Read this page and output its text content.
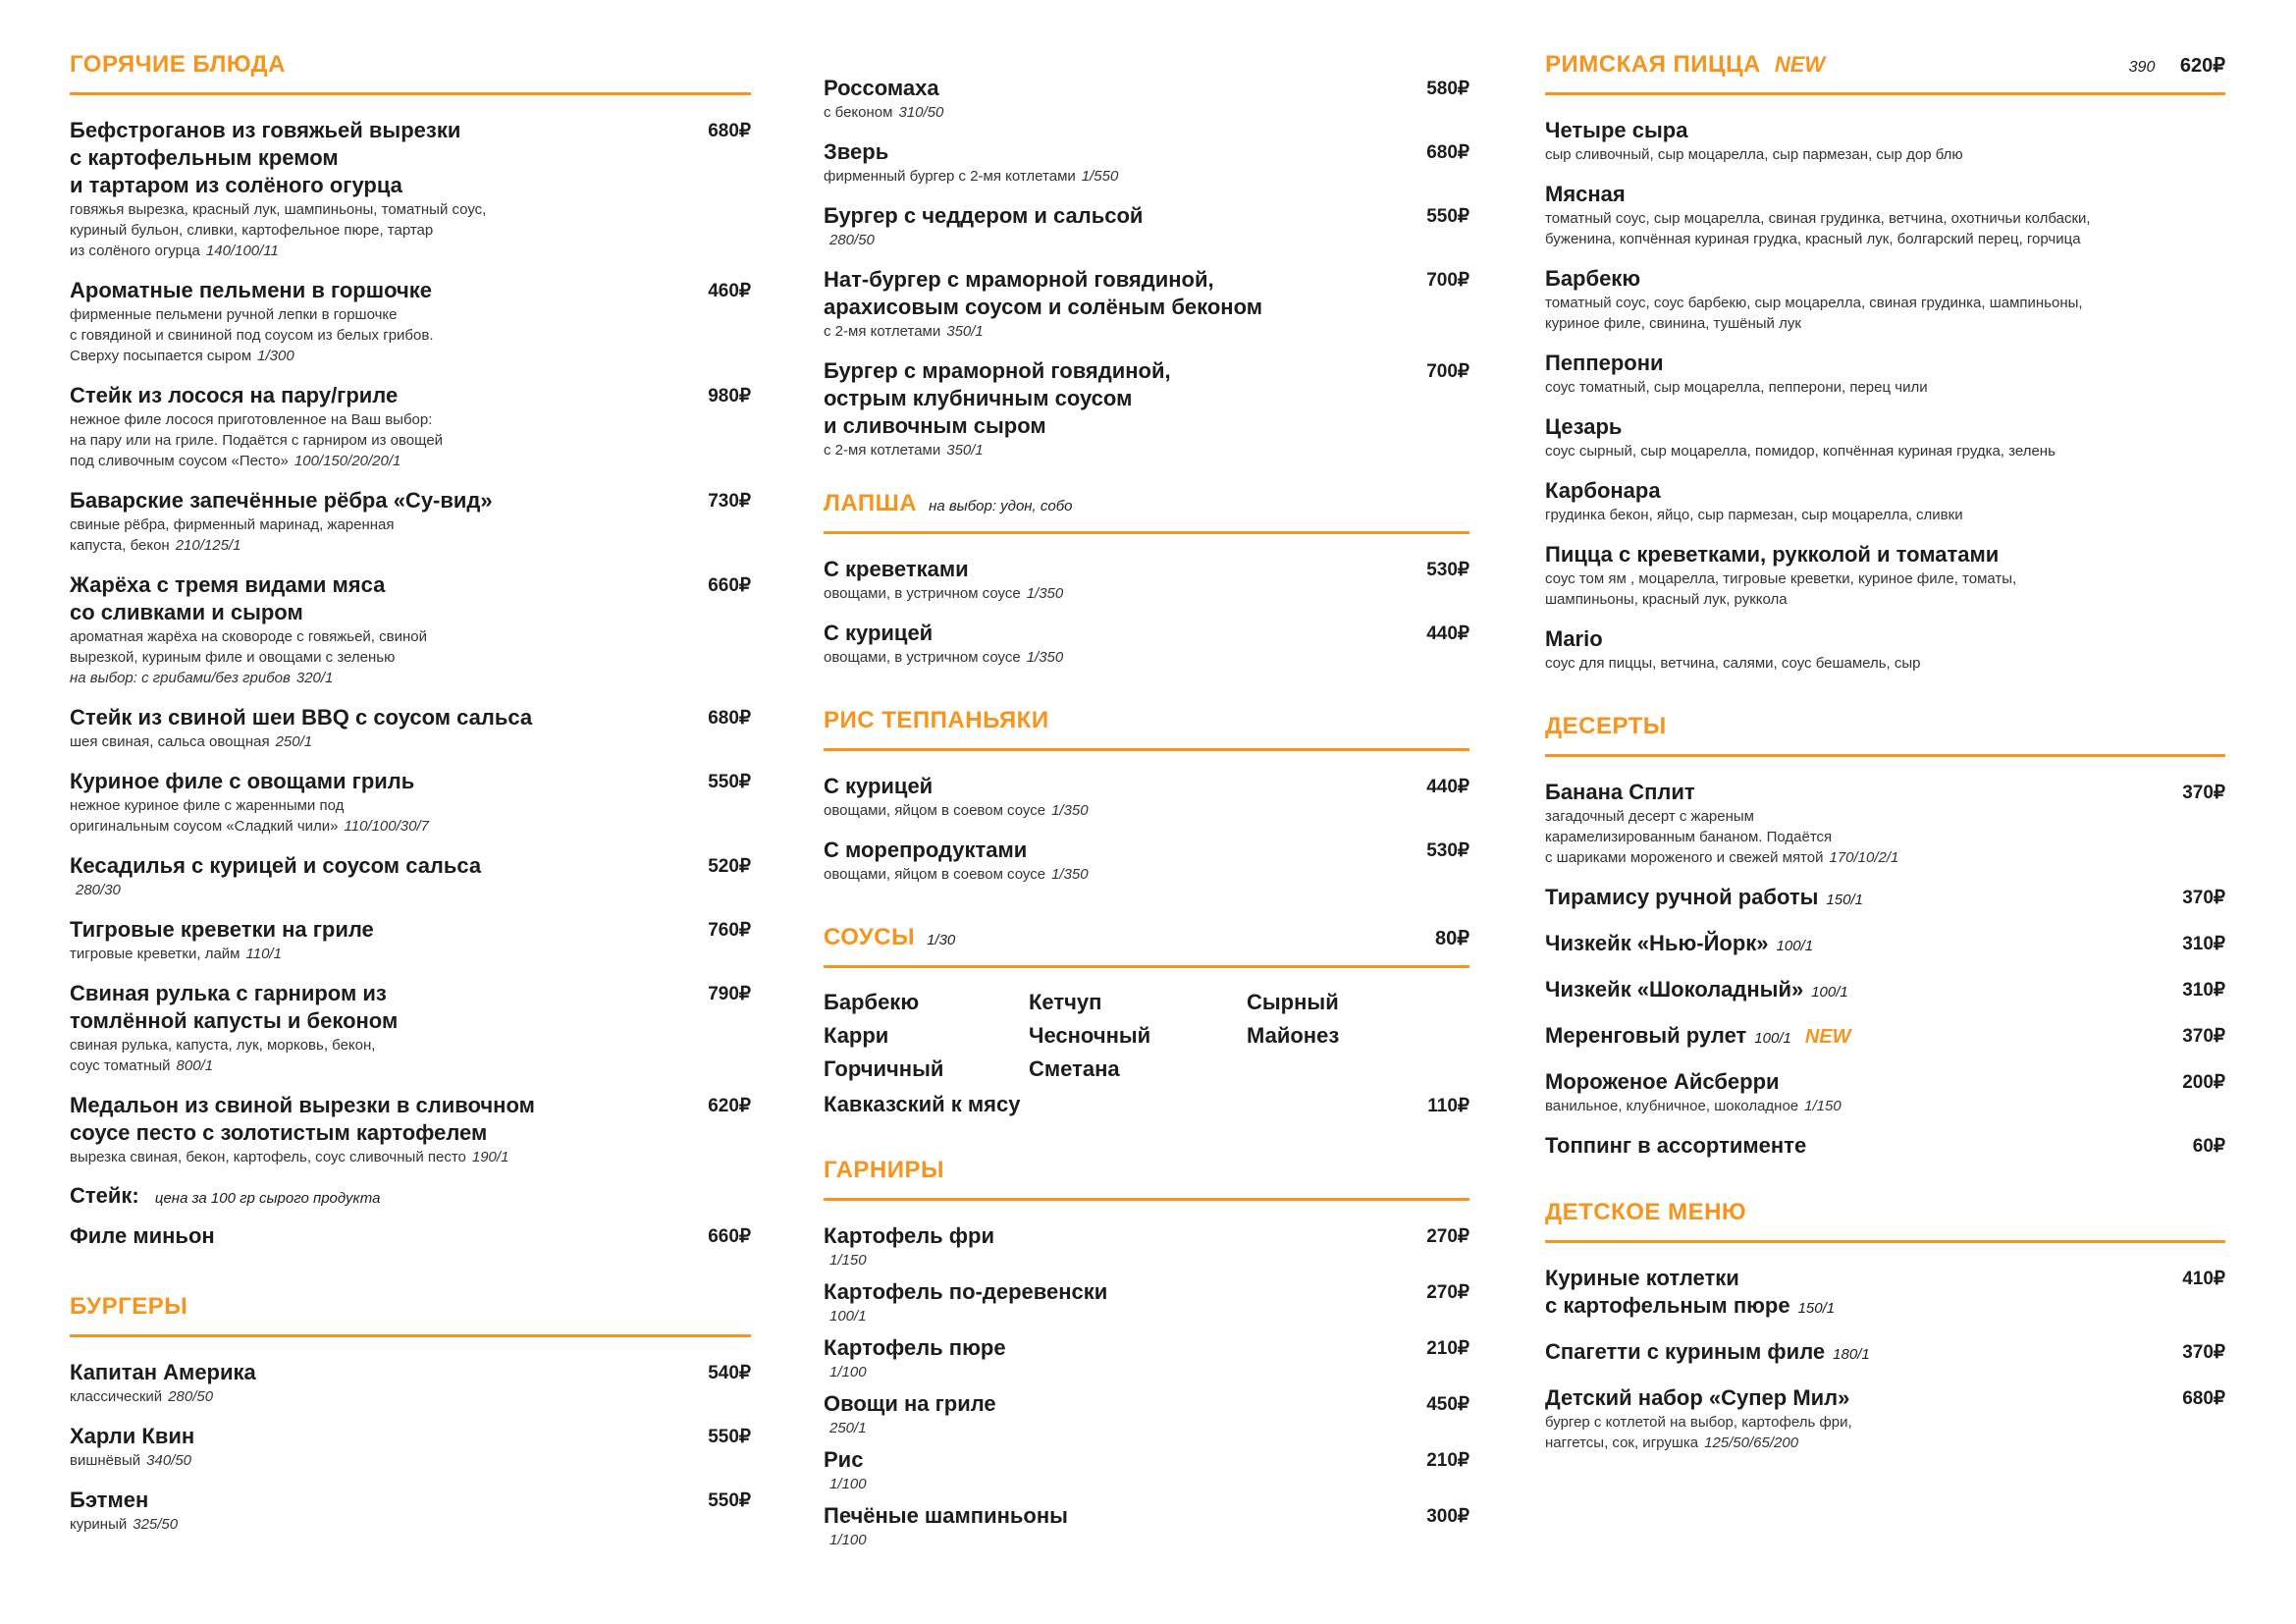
ГОРЯЧИЕ БЛЮДА
Бефстроганов из говяжьей вырезки
с картофельным кремом
и тартаром из солёного огурца
говяжья вырезка, красный лук, шампиньоны, томатный соус,
куриный бульон, сливки, картофельное пюре, тартар
из солёного огурца 140/100/11
680₽
Ароматные пельмени в горшочке
фирменные пельмени ручной лепки в горшочке
с говядиной и свининой под соусом из белых грибов.
Сверху посыпается сыром 1/300
460₽
Стейк из лосося на пару/гриле
нежное филе лосося приготовленное на Ваш выбор:
на пару или на гриле. Подаётся с гарниром из овощей
под сливочным соусом «Песто» 100/150/20/20/1
980₽
Баварские запечённые рёбра «Су-вид»
свиные рёбра, фирменный маринад, жаренная
капуста, бекон 210/125/1
730₽
Жарёха с тремя видами мяса
со сливками и сыром
ароматная жарёха на сковороде с говяжьей, свиной
вырезкой, куриным филе и овощами с зеленью
на выбор: с грибами/без грибов 320/1
660₽
Стейк из свиной шеи BBQ с соусом сальса
шея свиная, сальса овощная 250/1
680₽
Куриное филе с овощами гриль
нежное куриное филе с жаренными под
оригинальным соусом «Сладкий чили» 110/100/30/7
550₽
Кесадилья с курицей и соусом сальса
280/30
520₽
Тигровые креветки на гриле
тигровые креветки, лайм 110/1
760₽
Свиная рулька с гарниром из
томлённой капусты и беконом
свиная рулька, капуста, лук, морковь, бекон,
соус томатный 800/1
790₽
Медальон из свиной вырезки в сливочном
соусе песто с золотистым картофелем
вырезка свиная, бекон, картофель, соус сливочный песто 190/1
620₽
Стейк: цена за 100 гр сырого продукта
Филе миньон	660₽
БУРГЕРЫ
Капитан Америка
классический 280/50
540₽
Харли Квин
вишнёвый 340/50
550₽
Бэтмен
куриный 325/50
550₽
Россомаха
с беконом 310/50
580₽
Зверь
фирменный бургер с 2-мя котлетами 1/550
680₽
Бургер с чеддером и сальсой
280/50
550₽
Нат-бургер с мраморной говядиной,
арахисовым соусом и солёным беконом
с 2-мя котлетами 350/1
700₽
Бургер с мраморной говядиной,
острым клубничным соусом
и сливочным сыром
с 2-мя котлетами 350/1
700₽
ЛАПША на выбор: удон, собо
С креветками
овощами, в устричном соусе 1/350
530₽
С курицей
овощами, в устричном соусе 1/350
440₽
РИС ТЕППАНЬЯКИ
С курицей
овощами, яйцом в соевом соусе 1/350
440₽
С морепродуктами
овощами, яйцом в соевом соусе 1/350
530₽
СОУСЫ 1/30	80₽
Барбекю	Кетчуп	Сырный
Карри	Чесночный	Майонез
Горчичный	Сметана
Кавказский к мясу	110₽
ГАРНИРЫ
Картофель фри
1/150
270₽
Картофель по-деревенски
100/1
270₽
Картофель пюре
1/100
210₽
Овощи на гриле
250/1
450₽
Рис
1/100
210₽
Печёные шампиньоны
1/100
300₽
РИМСКАЯ ПИЦЦА NEW	390 620₽
Четыре сыра
сыр сливочный, сыр моцарелла, сыр пармезан, сыр дор блю
Мясная
томатный соус, сыр моцарелла, свиная грудинка, ветчина, охотничьи колбаски,
буженина, копчённая куриная грудка, красный лук, болгарский перец, горчица
Барбекю
томатный соус, соус барбекю, сыр моцарелла, свиная грудинка, шампиньоны,
куриное филе, свинина, тушёный лук
Пепперони
соус томатный, сыр моцарелла, пепперони, перец чили
Цезарь
соус сырный, сыр моцарелла, помидор, копчённая куриная грудка, зелень
Карбонара
грудинка бекон, яйцо, сыр пармезан, сыр моцарелла, сливки
Пицца с креветками, рукколой и томатами
соус том ям , моцарелла, тигровые креветки, куриное филе, томаты,
шампиньоны, красный лук, руккола
Mario
соус для пиццы, ветчина, салями, соус бешамель, сыр
ДЕСЕРТЫ
Банана Сплит
загадочный десерт с жареным
карамелизированным бананом. Подаётся
с шариками мороженого и свежей мятой 170/10/2/1
370₽
Тирамису ручной работы 150/1	370₽
Чизкейк «Нью-Йорк» 100/1	310₽
Чизкейк «Шоколадный» 100/1	310₽
Меренговый рулет 100/1 NEW	370₽
Мороженое Айсберри
ванильное, клубничное, шоколадное 1/150
200₽
Топпинг в ассортименте	60₽
ДЕТСКОЕ МЕНЮ
Куриные котлетки
с картофельным пюре 150/1
410₽
Спагетти с куриным филе 180/1	370₽
Детский набор «Супер Мил»
бургер с котлетой на выбор, картофель фри,
наггетсы, сок, игрушка 125/50/65/200
680₽
